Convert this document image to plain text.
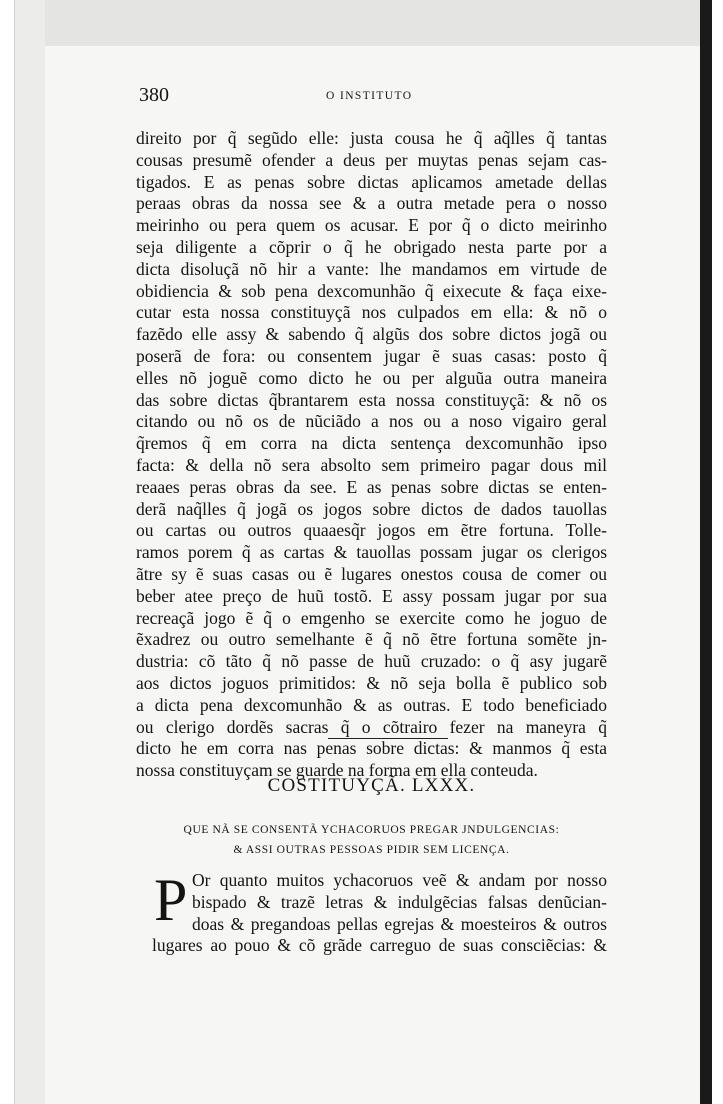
380	O INSTITUTO

direito por q̃ segũdo elle: justa cousa he q̃ aq̃lles q̃ tantas
cousas presumẽ ofender a deus per muytas penas sejam cas-
tigados. E as penas sobre dictas aplicamos ametade dellas
peraas obras da nossa see & a outra metade pera o nosso
meirinho ou pera quem os acusar. E por q̃ o dicto meirinho
seja diligente a cõprir o q̃ he obrigado nesta parte por a
dicta disoluçã nõ hir a vante: lhe mandamos em virtude de
obidiencia & sob pena dexcomunhão q̃ eixecute & faça eixe-
cutar esta nossa constituyçã nos culpados em ella: & nõ o
fazẽdo elle assy & sabendo q̃ algũs dos sobre dictos jogã ou
poserã de fora: ou consentem jugar ẽ suas casas: posto q̃
elles nõ joguẽ como dicto he ou per alguũa outra maneira
das sobre dictas q̃brantarem esta nossa constituyçã: & nõ os
citando ou nõ os de nũciãdo a nos ou a noso vigairo geral
q̃remos q̃ em corra na dicta sentença dexcomunhão ipso
facta: & della nõ sera absolto sem primeiro pagar dous mil
reaaes peras obras da see. E as penas sobre dictas se enten-
derã naq̃lles q̃ jogã os jogos sobre dictos de dados tauollas
ou cartas ou outros quaaesq̃r jogos em ẽtre fortuna. Tolle-
ramos porem q̃ as cartas & tauollas possam jugar os clerigos
ãtre sy ẽ suas casas ou ẽ lugares onestos cousa de comer ou
beber atee preço de huũ tostõ. E assy possam jugar por sua
recreaçã jogo ẽ q̃ o emgenho se exercite como he joguo de
ẽxadrez ou outro semelhante ẽ q̃ nõ ẽtre fortuna somẽte jn-
dustria: cõ tãto q̃ nõ passe de huũ cruzado: o q̃ asy jugarẽ
aos dictos joguos primitidos: & nõ seja bolla ẽ publico sob
a dicta pena dexcomunhão & as outras. E todo beneficiado
ou clerigo dordẽs sacras q̃ o cõtrairo fezer na maneyra q̃
dicto he em corra nas penas sobre dictas: & manmos q̃ esta
nossa constituyçam se guarde na forma em ella conteuda.

COSTITUYÇÃ. LXXX.
QUE NÃ SE CONSENTÃ YCHACORUOS PREGAR JNDULGENCIAS:
& ASSI OUTRAS PESSOAS PIDIR SEM LICENÇA.
P Or quanto muitos ychacoruos veẽ & andam por nosso
bispado & trazẽ letras & indulgẽcias falsas denũcian-
doas & pregandoas pellas egrejas & moesteiros & outros
lugares ao pouo & cõ grãde carreguo de suas consciẽcias: &
